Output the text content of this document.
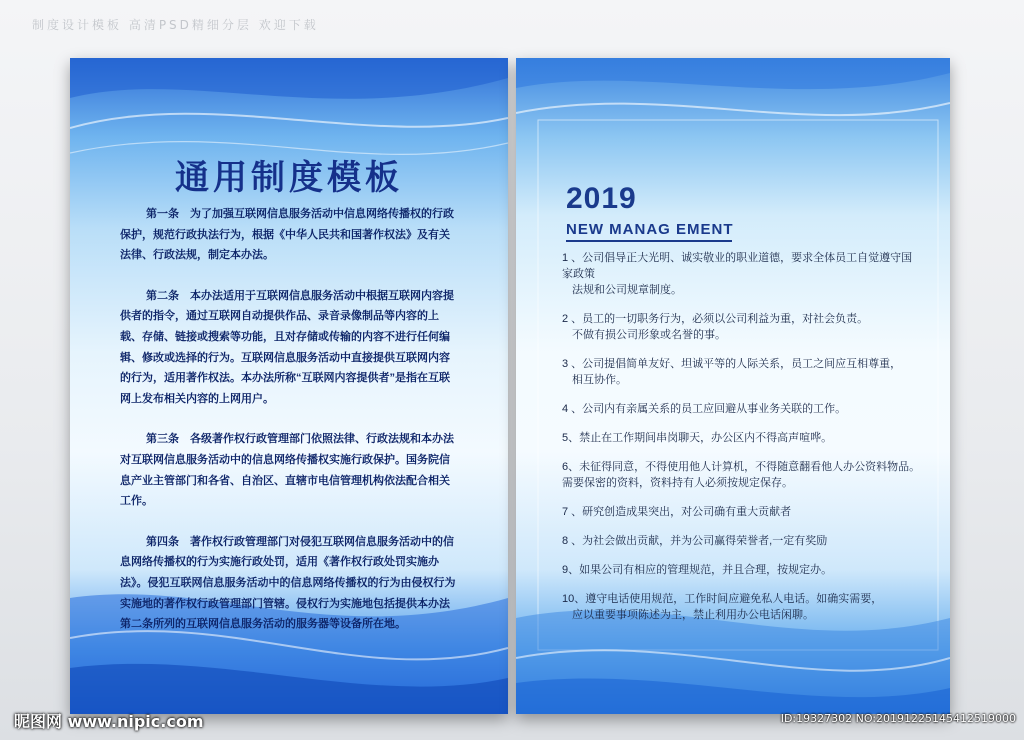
制度设计模板 高清PSD精细分层 欢迎下载
通用制度模板

第一条　为了加强互联网信息服务活动中信息网络传播权的行政保护，规范行政执法行为，根据《中华人民共和国著作权法》及有关法律、行政法规，制定本办法。

第二条　本办法适用于互联网信息服务活动中根据互联网内容提供者的指令，通过互联网自动提供作品、录音录像制品等内容的上载、存储、链接或搜索等功能，且对存储或传输的内容不进行任何编辑、修改或选择的行为。互联网信息服务活动中直接提供互联网内容的行为，适用著作权法。本办法所称“互联网内容提供者”是指在互联网上发布相关内容的上网用户。

第三条　各级著作权行政管理部门依照法律、行政法规和本办法对互联网信息服务活动中的信息网络传播权实施行政保护。国务院信息产业主管部门和各省、自治区、直辖市电信管理机构依法配合相关工作。

第四条　著作权行政管理部门对侵犯互联网信息服务活动中的信息网络传播权的行为实施行政处罚，适用《著作权行政处罚实施办法》。侵犯互联网信息服务活动中的信息网络传播权的行为由侵权行为实施地的著作权行政管理部门管辖。侵权行为实施地包括提供本办法第二条所列的互联网信息服务活动的服务器等设备所在地。

2019
NEW MANAG EMENT
1 、公司倡导正大光明、诚实敬业的职业道德，要求全体员工自觉遵守国家政策
法规和公司规章制度。
2 、员工的一切职务行为，必须以公司利益为重，对社会负责。
不做有损公司形象或名誉的事。
3 、公司提倡简单友好、坦诚平等的人际关系，员工之间应互相尊重，
相互协作。
4 、公司内有亲属关系的员工应回避从事业务关联的工作。
5、禁止在工作期间串岗聊天，办公区内不得高声喧哗。
6、未征得同意，不得使用他人计算机，不得随意翻看他人办公资料物品。
需要保密的资料，资料持有人必须按规定保存。
7 、研究创造成果突出，对公司确有重大贡献者
8 、为社会做出贡献，并为公司赢得荣誉者,一定有奖励
9、如果公司有相应的管理规范，并且合理，按规定办。
10、遵守电话使用规范，工作时间应避免私人电话。如确实需要，
应以重要事项陈述为主，禁止利用办公电话闲聊。
昵图网 www.nipic.com	ID:19327302 NO:20191225145412519000
